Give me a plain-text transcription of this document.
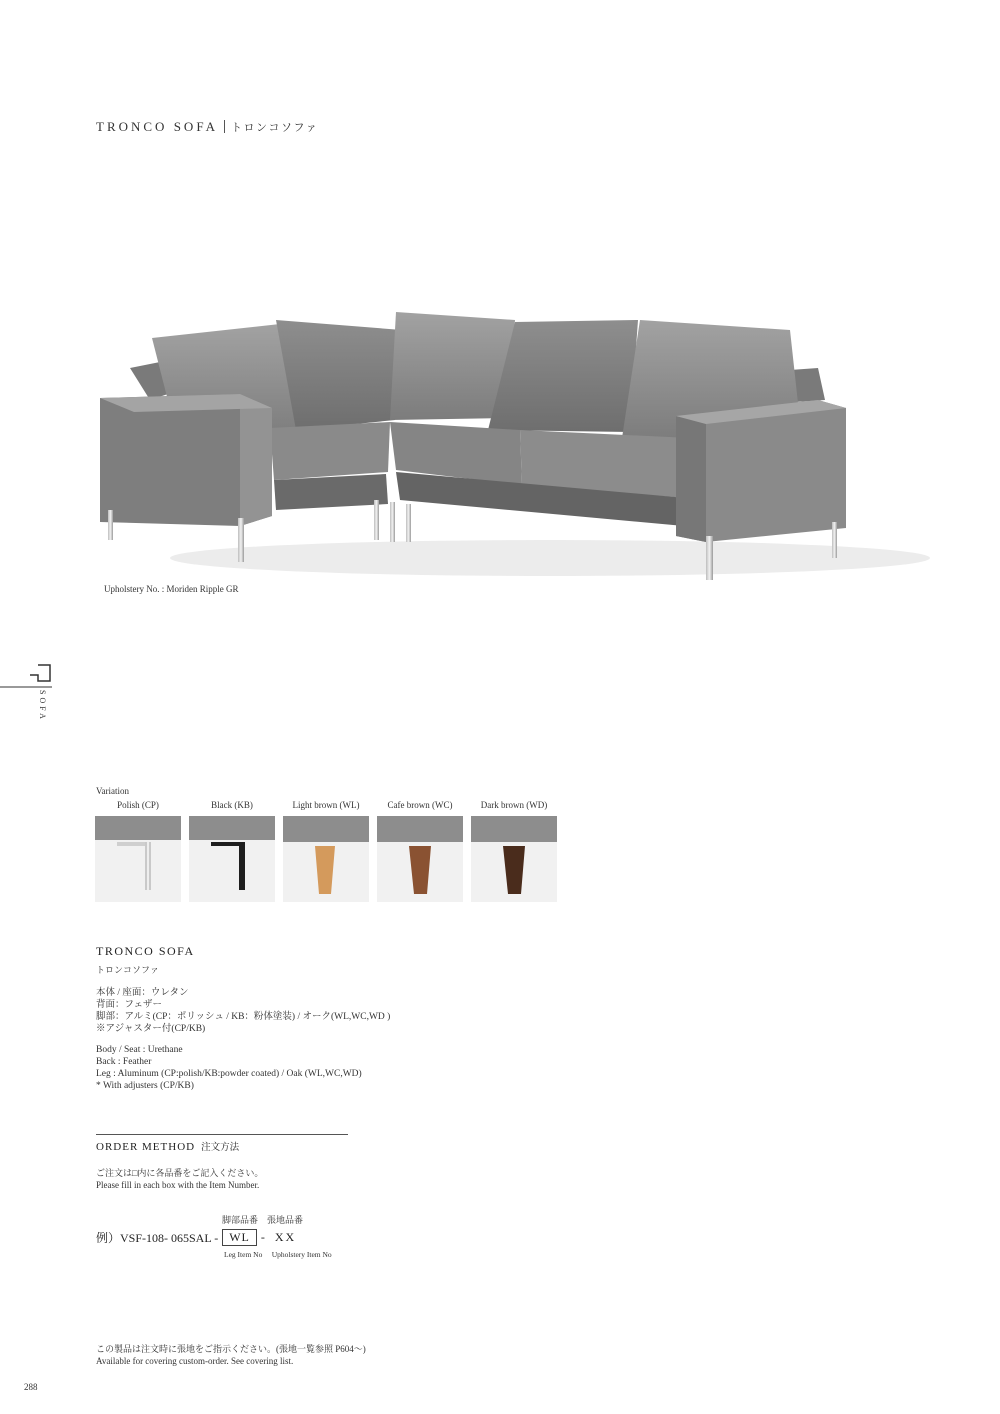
TRONCO SOFA トロンコソファ
Upholstery No. : Moriden Ripple GR
SOFA
Variation
Polish (CP)	Black (KB)	Light brown (WL)	Cafe brown (WC)	Dark brown (WD)
TRONCO SOFA
トロンコソファ
本体 / 座面：ウレタン
背面：フェザー
脚部：アルミ(CP：ポリッシュ / KB：粉体塗装) / オーク(WL,WC,WD )
※アジャスター付(CP/KB)
Body / Seat : Urethane
Back : Feather
Leg : Aluminum (CP:polish/KB:powder coated) / Oak (WL,WC,WD)
* With adjusters (CP/KB)
ORDER METHOD 注文方法
ご注文は□内に各品番をご記入ください。
Please fill in each box with the Item Number.
脚部品番　張地品番
例）VSF-108- 065SAL - WL - XX
Leg Item No　 Upholstery Item No
この製品は注文時に張地をご指示ください。(張地一覧参照 P604〜)
Available for covering custom-order. See covering list.
288
